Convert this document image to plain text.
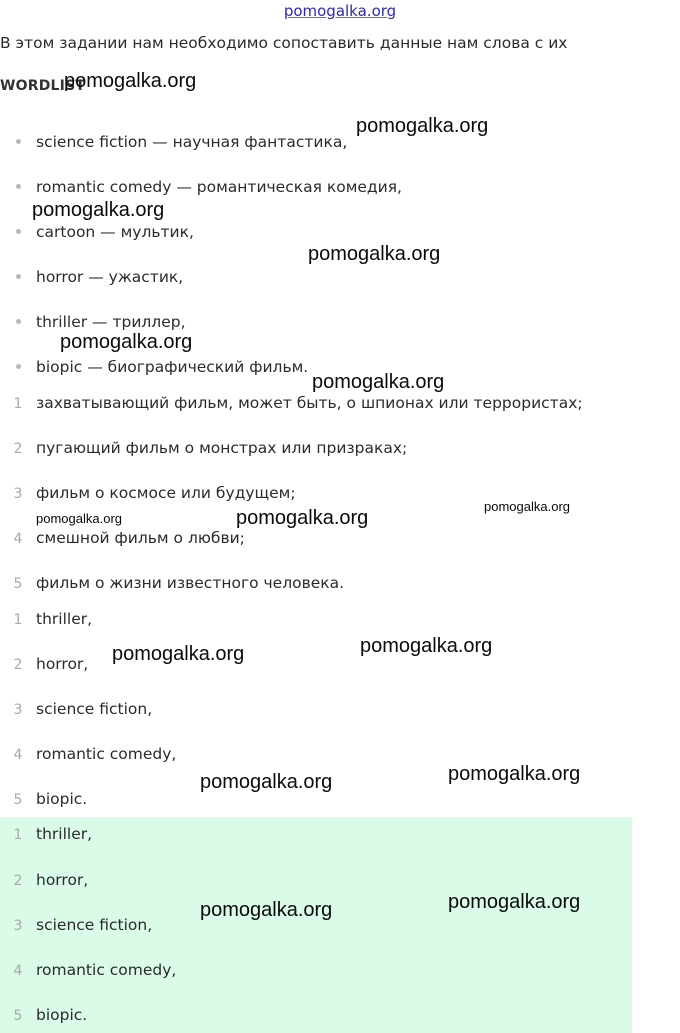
pomogalka.org
В этом задании нам необходимо сопоставить данные нам слова с их
WORDLIST
science fiction — научная фантастика,
romantic comedy — романтическая комедия,
cartoon — мультик,
horror — ужастик,
thriller — триллер,
biopic — биографический фильм.
1 захватывающий фильм, может быть, о шпионах или террористах;
2 пугающий фильм о монстрах или призраках;
3 фильм о космосе или будущем;
4 смешной фильм о любви;
5 фильм о жизни известного человека.
1 thriller,
2 horror,
3 science fiction,
4 romantic comedy,
5 biopic.
1 thriller,
2 horror,
3 science fiction,
4 romantic comedy,
5 biopic.
pomogalka.org
pomogalka.org
pomogalka.org
pomogalka.org
pomogalka.org
pomogalka.org
pomogalka.org	pomogalka.org
pomogalka.org
pomogalka.org	pomogalka.org
pomogalka.org	pomogalka.org
pomogalka.org	pomogalka.org
